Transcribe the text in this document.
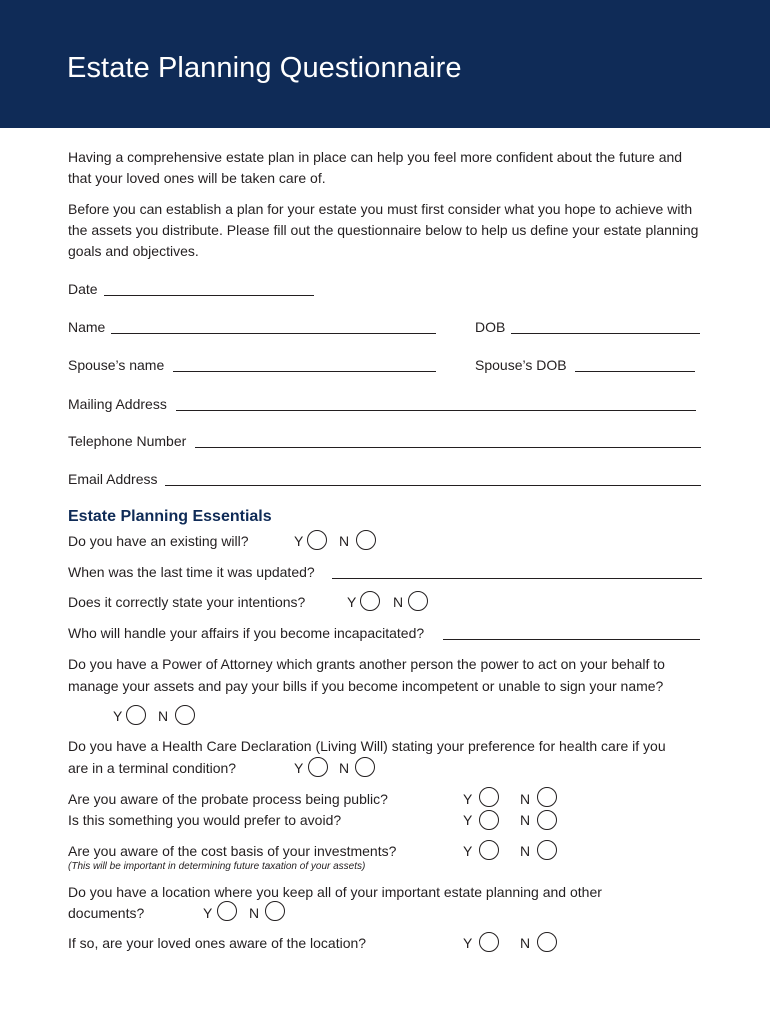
Estate Planning Questionnaire
Having a comprehensive estate plan in place can help you feel more confident about the future and that your loved ones will be taken care of.
Before you can establish a plan for your estate you must first consider what you hope to achieve with the assets you distribute. Please fill out the questionnaire below to help us define your estate planning goals and objectives.
Date
Name	DOB
Spouse’s name	Spouse’s DOB
Mailing Address
Telephone Number
Email Address
Estate Planning Essentials
Do you have an existing will?	Y	N
When was the last time it was updated?
Does it correctly state your intentions?	Y	N
Who will handle your affairs if you become incapacitated?
Do you have a Power of Attorney which grants another person the power to act on your behalf to
manage your assets and pay your bills if you become incompetent or unable to sign your name?
Y	N
Do you have a Health Care Declaration (Living Will) stating your preference for health care if you
are in a terminal condition?	Y	N
Are you aware of the probate process being public?	Y	N
Is this something you would prefer to avoid?	Y	N
Are you aware of the cost basis of your investments?
(This will be important in determining future taxation of your assets)
Y	N
Do you have a location where you keep all of your important estate planning and other
documents?	Y	N
If so, are your loved ones aware of the location?	Y	N
